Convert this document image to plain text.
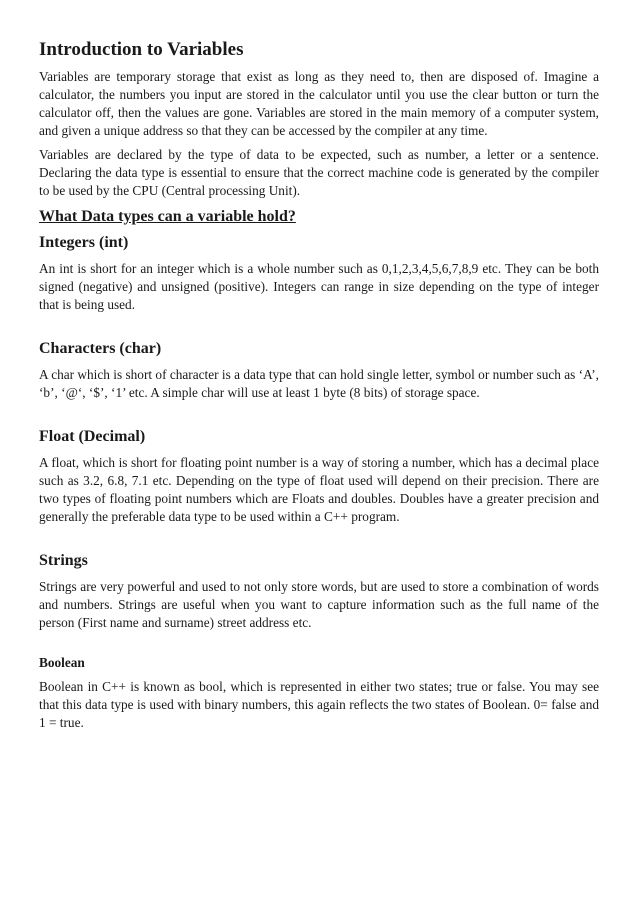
Introduction to Variables

Variables are temporary storage that exist as long as they need to, then are disposed of. Imagine a calculator, the numbers you input are stored in the calculator until you use the clear button or turn the calculator off, then the values are gone. Variables are stored in the main memory of a computer system, and given a unique address so that they can be accessed by the compiler at any time.

Variables are declared by the type of data to be expected, such as number, a letter or a sentence. Declaring the data type is essential to ensure that the correct machine code is generated by the compiler to be used by the CPU (Central processing Unit).

What Data types can a variable hold?
Integers (int)

An int is short for an integer which is a whole number such as 0,1,2,3,4,5,6,7,8,9 etc. They can be both signed (negative) and unsigned (positive). Integers can range in size depending on the type of integer that is being used.

Characters (char)

A char which is short of character is a data type that can hold single letter, symbol or number such as ‘A’, ‘b’, ‘@‘, ‘$’, ‘1’ etc. A simple char will use at least 1 byte (8 bits) of storage space.

Float (Decimal)

A float, which is short for floating point number is a way of storing a number, which has a decimal place such as 3.2, 6.8, 7.1 etc. Depending on the type of float used will depend on their precision. There are two types of floating point numbers which are Floats and doubles. Doubles have a greater precision and generally the preferable data type to be used within a C++ program.

Strings

Strings are very powerful and used to not only store words, but are used to store a combination of words and numbers. Strings are useful when you want to capture information such as the full name of the person (First name and surname) street address etc.

Boolean

Boolean in C++ is known as bool, which is represented in either two states; true or false. You may see that this data type is used with binary numbers, this again reflects the two states of Boolean. 0= false and 1 = true.
